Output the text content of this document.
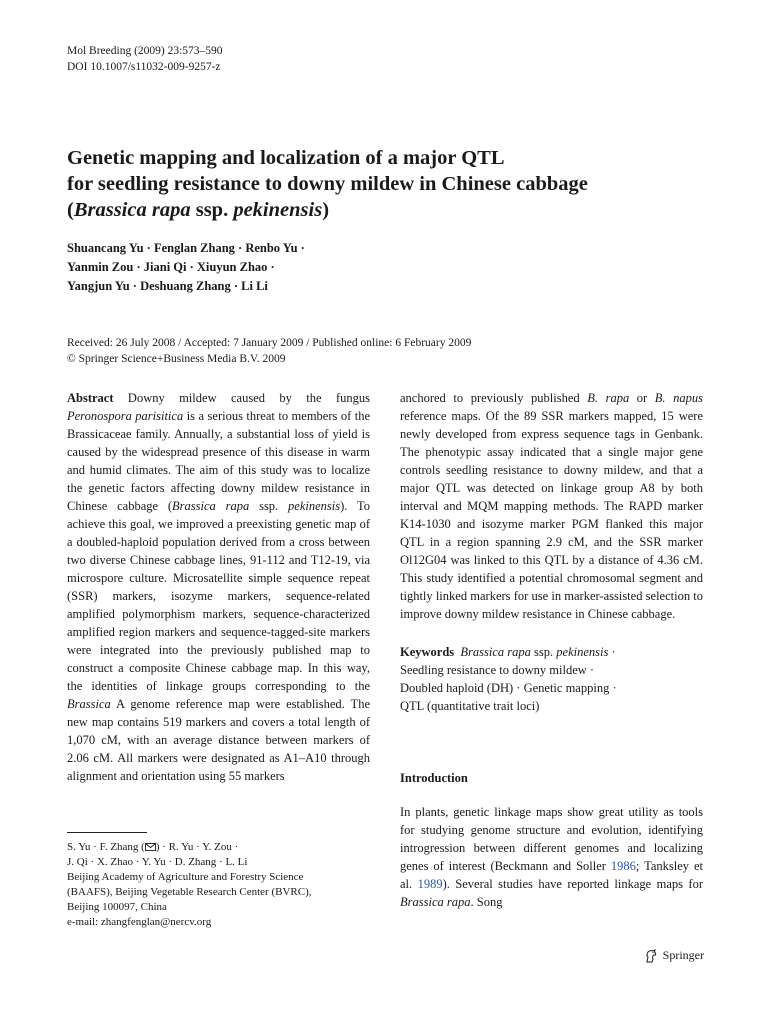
Mol Breeding (2009) 23:573–590
DOI 10.1007/s11032-009-9257-z
Genetic mapping and localization of a major QTL
for seedling resistance to downy mildew in Chinese cabbage
(Brassica rapa ssp. pekinensis)
Shuancang Yu · Fenglan Zhang · Renbo Yu ·
Yanmin Zou · Jiani Qi · Xiuyun Zhao ·
Yangjun Yu · Deshuang Zhang · Li Li
Received: 26 July 2008 / Accepted: 7 January 2009 / Published online: 6 February 2009
© Springer Science+Business Media B.V. 2009

Abstract Downy mildew caused by the fungus Peronospora parisitica is a serious threat to members of the Brassicaceae family. Annually, a substantial loss of yield is caused by the widespread presence of this disease in warm and humid climates. The aim of this study was to localize the genetic factors affecting downy mildew resistance in Chinese cabbage (Brassica rapa ssp. pekinensis). To achieve this goal, we improved a preexisting genetic map of a doubled-haploid population derived from a cross between two diverse Chinese cabbage lines, 91-112 and T12-19, via microspore culture. Microsatellite simple sequence repeat (SSR) markers, isozyme markers, sequence-related amplified polymorphism markers, sequence-characterized amplified region markers and sequence-tagged-site markers were integrated into the previously published map to construct a composite Chinese cabbage map. In this way, the identities of linkage groups corresponding to the Brassica A genome reference map were established. The new map contains 519 markers and covers a total length of 1,070 cM, with an average distance between markers of 2.06 cM. All markers were designated as A1–A10 through alignment and orientation using 55 markers

anchored to previously published B. rapa or B. napus reference maps. Of the 89 SSR markers mapped, 15 were newly developed from express sequence tags in Genbank. The phenotypic assay indicated that a single major gene controls seedling resistance to downy mildew, and that a major QTL was detected on linkage group A8 by both interval and MQM mapping methods. The RAPD marker K14-1030 and isozyme marker PGM flanked this major QTL in a region spanning 2.9 cM, and the SSR marker Ol12G04 was linked to this QTL by a distance of 4.36 cM. This study identified a potential chromosomal segment and tightly linked markers for use in marker-assisted selection to improve downy mildew resistance in Chinese cabbage.

Keywords Brassica rapa ssp. pekinensis ·
Seedling resistance to downy mildew ·
Doubled haploid (DH) · Genetic mapping ·
QTL (quantitative trait loci)

Introduction

In plants, genetic linkage maps show great utility as tools for studying genome structure and evolution, identifying introgression between different genomes and localizing genes of interest (Beckmann and Soller 1986; Tanksley et al. 1989). Several studies have reported linkage maps for Brassica rapa. Song

S. Yu · F. Zhang ( ) · R. Yu · Y. Zou ·
J. Qi · X. Zhao · Y. Yu · D. Zhang · L. Li
Beijing Academy of Agriculture and Forestry Science
(BAAFS), Beijing Vegetable Research Center (BVRC),
Beijing 100097, China
e-mail: zhangfenglan@nercv.org
Springer
